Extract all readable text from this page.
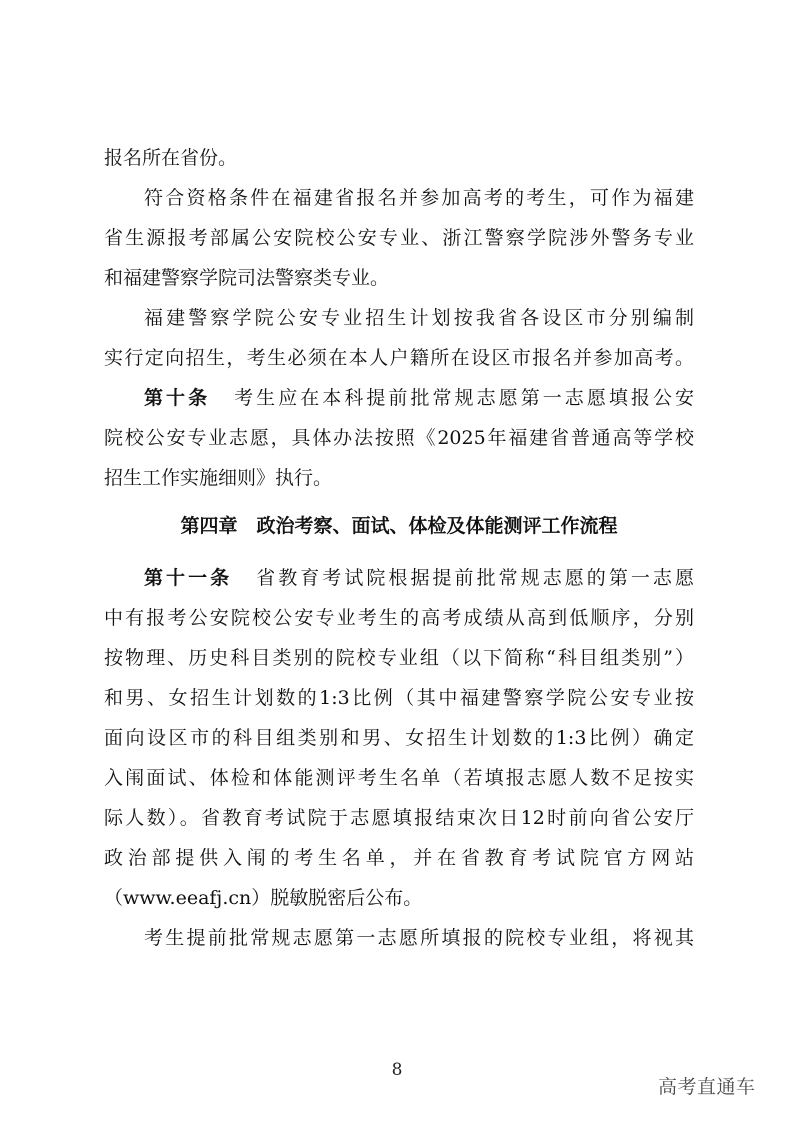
报名所在省份。
符合资格条件在福建省报名并参加高考的考生，可作为福建
省生源报考部属公安院校公安专业、浙江警察学院涉外警务专业
和福建警察学院司法警察类专业。
福建警察学院公安专业招生计划按我省各设区市分别编制
实行定向招生，考生必须在本人户籍所在设区市报名并参加高考。
第十条 考生应在本科提前批常规志愿第一志愿填报公安
院校公安专业志愿，具体办法按照《2025年福建省普通高等学校
招生工作实施细则》执行。
第四章　政治考察、面试、体检及体能测评工作流程
第十一条 省教育考试院根据提前批常规志愿的第一志愿
中有报考公安院校公安专业考生的高考成绩从高到低顺序，分别
按物理、历史科目类别的院校专业组（以下简称“科目组类别”）
和男、女招生计划数的1:3比例（其中福建警察学院公安专业按
面向设区市的科目组类别和男、女招生计划数的1:3比例）确定
入闱面试、体检和体能测评考生名单（若填报志愿人数不足按实
际人数）。省教育考试院于志愿填报结束次日12时前向省公安厅
政治部提供入闱的考生名单，并在省教育考试院官方网站
（www.eeafj.cn）脱敏脱密后公布。
考生提前批常规志愿第一志愿所填报的院校专业组，将视其
8
高考直通车
